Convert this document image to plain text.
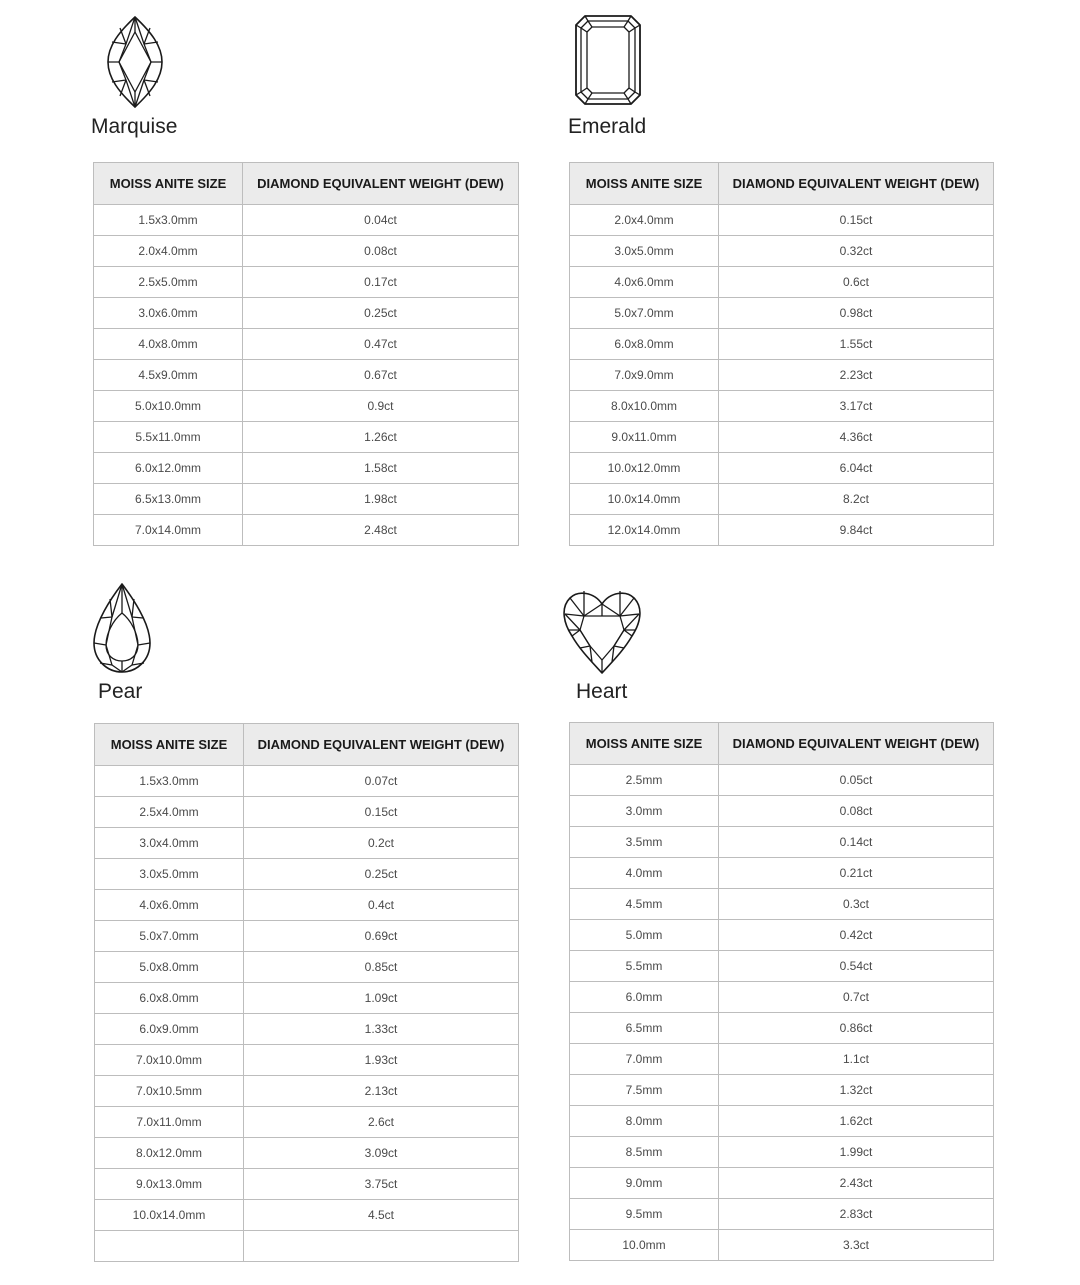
Marquise
MOISS ANITE SIZE	DIAMOND EQUIVALENT WEIGHT (DEW)
1.5x3.0mm	0.04ct
2.0x4.0mm	0.08ct
2.5x5.0mm	0.17ct
3.0x6.0mm	0.25ct
4.0x8.0mm	0.47ct
4.5x9.0mm	0.67ct
5.0x10.0mm	0.9ct
5.5x11.0mm	1.26ct
6.0x12.0mm	1.58ct
6.5x13.0mm	1.98ct
7.0x14.0mm	2.48ct
Emerald
MOISS ANITE SIZE	DIAMOND EQUIVALENT WEIGHT (DEW)
2.0x4.0mm	0.15ct
3.0x5.0mm	0.32ct
4.0x6.0mm	0.6ct
5.0x7.0mm	0.98ct
6.0x8.0mm	1.55ct
7.0x9.0mm	2.23ct
8.0x10.0mm	3.17ct
9.0x11.0mm	4.36ct
10.0x12.0mm	6.04ct
10.0x14.0mm	8.2ct
12.0x14.0mm	9.84ct
Pear
MOISS ANITE SIZE	DIAMOND EQUIVALENT WEIGHT (DEW)
1.5x3.0mm	0.07ct
2.5x4.0mm	0.15ct
3.0x4.0mm	0.2ct
3.0x5.0mm	0.25ct
4.0x6.0mm	0.4ct
5.0x7.0mm	0.69ct
5.0x8.0mm	0.85ct
6.0x8.0mm	1.09ct
6.0x9.0mm	1.33ct
7.0x10.0mm	1.93ct
7.0x10.5mm	2.13ct
7.0x11.0mm	2.6ct
8.0x12.0mm	3.09ct
9.0x13.0mm	3.75ct
10.0x14.0mm	4.5ct

Heart
MOISS ANITE SIZE	DIAMOND EQUIVALENT WEIGHT (DEW)
2.5mm	0.05ct
3.0mm	0.08ct
3.5mm	0.14ct
4.0mm	0.21ct
4.5mm	0.3ct
5.0mm	0.42ct
5.5mm	0.54ct
6.0mm	0.7ct
6.5mm	0.86ct
7.0mm	1.1ct
7.5mm	1.32ct
8.0mm	1.62ct
8.5mm	1.99ct
9.0mm	2.43ct
9.5mm	2.83ct
10.0mm	3.3ct
